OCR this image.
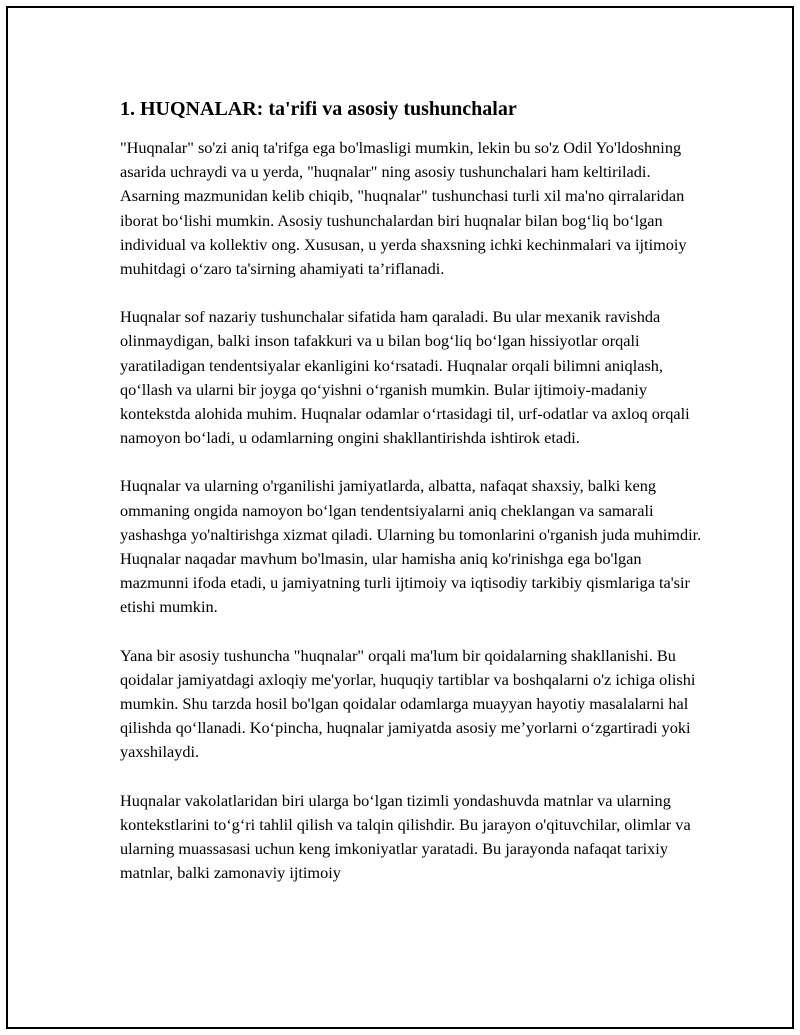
1. HUQNALAR: ta'rifi va asosiy tushunchalar

"Huqnalar" so'zi aniq ta'rifga ega bo'lmasligi mumkin, lekin bu so'z Odil Yo'ldoshning asarida uchraydi va u yerda, "huqnalar" ning asosiy tushunchalari ham keltiriladi. Asarning mazmunidan kelib chiqib, "huqnalar" tushunchasi turli xil ma'no qirralaridan iborat bo‘lishi mumkin. Asosiy tushunchalardan biri huqnalar bilan bog‘liq bo‘lgan individual va kollektiv ong. Xususan, u yerda shaxsning ichki kechinmalari va ijtimoiy muhitdagi o‘zaro ta'sirning ahamiyati ta’riflanadi.

Huqnalar sof nazariy tushunchalar sifatida ham qaraladi. Bu ular mexanik ravishda olinmaydigan, balki inson tafakkuri va u bilan bog‘liq bo‘lgan hissiyotlar orqali yaratiladigan tendentsiyalar ekanligini ko‘rsatadi. Huqnalar orqali bilimni aniqlash, qo‘llash va ularni bir joyga qo‘yishni o‘rganish mumkin. Bular ijtimoiy-madaniy kontekstda alohida muhim. Huqnalar odamlar o‘rtasidagi til, urf-odatlar va axloq orqali namoyon bo‘ladi, u odamlarning ongini shakllantirishda ishtirok etadi.

Huqnalar va ularning o'rganilishi jamiyatlarda, albatta, nafaqat shaxsiy, balki keng ommaning ongida namoyon bo‘lgan tendentsiyalarni aniq cheklangan va samarali yashashga yo'naltirishga xizmat qiladi. Ularning bu tomonlarini o'rganish juda muhimdir. Huqnalar naqadar mavhum bo'lmasin, ular hamisha aniq ko'rinishga ega bo'lgan mazmunni ifoda etadi, u jamiyatning turli ijtimoiy va iqtisodiy tarkibiy qismlariga ta'sir etishi mumkin.

Yana bir asosiy tushuncha "huqnalar" orqali ma'lum bir qoidalarning shakllanishi. Bu qoidalar jamiyatdagi axloqiy me'yorlar, huquqiy tartiblar va boshqalarni o'z ichiga olishi mumkin. Shu tarzda hosil bo'lgan qoidalar odamlarga muayyan hayotiy masalalarni hal qilishda qo‘llanadi. Ko‘pincha, huqnalar jamiyatda asosiy me’yorlarni o‘zgartiradi yoki yaxshilaydi.

Huqnalar vakolatlaridan biri ularga bo‘lgan tizimli yondashuvda matnlar va ularning kontekstlarini to‘g‘ri tahlil qilish va talqin qilishdir. Bu jarayon o'qituvchilar, olimlar va ularning muassasasi uchun keng imkoniyatlar yaratadi. Bu jarayonda nafaqat tarixiy matnlar, balki zamonaviy ijtimoiy
